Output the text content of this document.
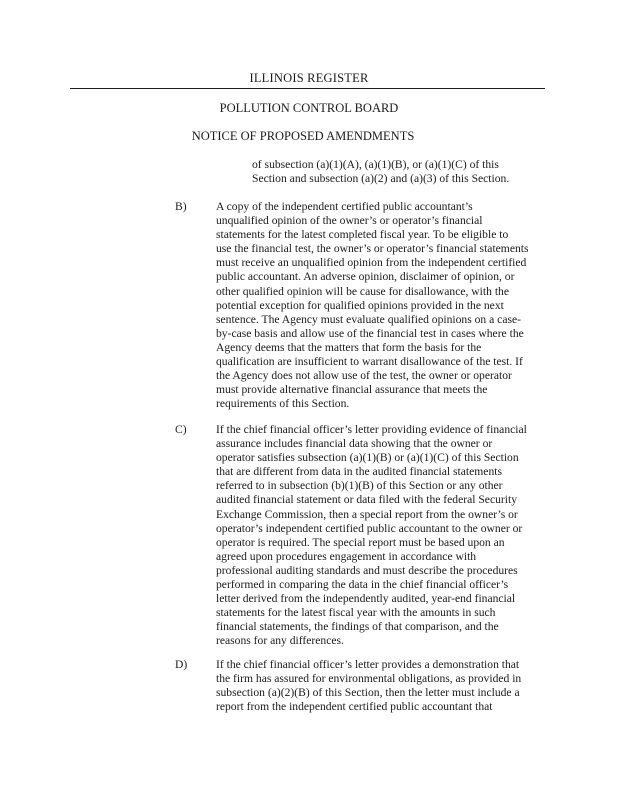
ILLINOIS REGISTER
POLLUTION CONTROL BOARD
NOTICE OF PROPOSED AMENDMENTS
of subsection (a)(1)(A), (a)(1)(B), or (a)(1)(C) of this
Section and subsection (a)(2) and (a)(3) of this Section.
B)	A copy of the independent certified public accountant’s
unqualified opinion of the owner’s or operator’s financial
statements for the latest completed fiscal year. To be eligible to
use the financial test, the owner’s or operator’s financial statements
must receive an unqualified opinion from the independent certified
public accountant. An adverse opinion, disclaimer of opinion, or
other qualified opinion will be cause for disallowance, with the
potential exception for qualified opinions provided in the next
sentence. The Agency must evaluate qualified opinions on a case-
by-case basis and allow use of the financial test in cases where the
Agency deems that the matters that form the basis for the
qualification are insufficient to warrant disallowance of the test. If
the Agency does not allow use of the test, the owner or operator
must provide alternative financial assurance that meets the
requirements of this Section.
C)	If the chief financial officer’s letter providing evidence of financial
assurance includes financial data showing that the owner or
operator satisfies subsection (a)(1)(B) or (a)(1)(C) of this Section
that are different from data in the audited financial statements
referred to in subsection (b)(1)(B) of this Section or any other
audited financial statement or data filed with the federal Security
Exchange Commission, then a special report from the owner’s or
operator’s independent certified public accountant to the owner or
operator is required. The special report must be based upon an
agreed upon procedures engagement in accordance with
professional auditing standards and must describe the procedures
performed in comparing the data in the chief financial officer’s
letter derived from the independently audited, year-end financial
statements for the latest fiscal year with the amounts in such
financial statements, the findings of that comparison, and the
reasons for any differences.
D) If the chief financial officer’s letter provides a demonstration that
the firm has assured for environmental obligations, as provided in
subsection (a)(2)(B) of this Section, then the letter must include a
report from the independent certified public accountant that
